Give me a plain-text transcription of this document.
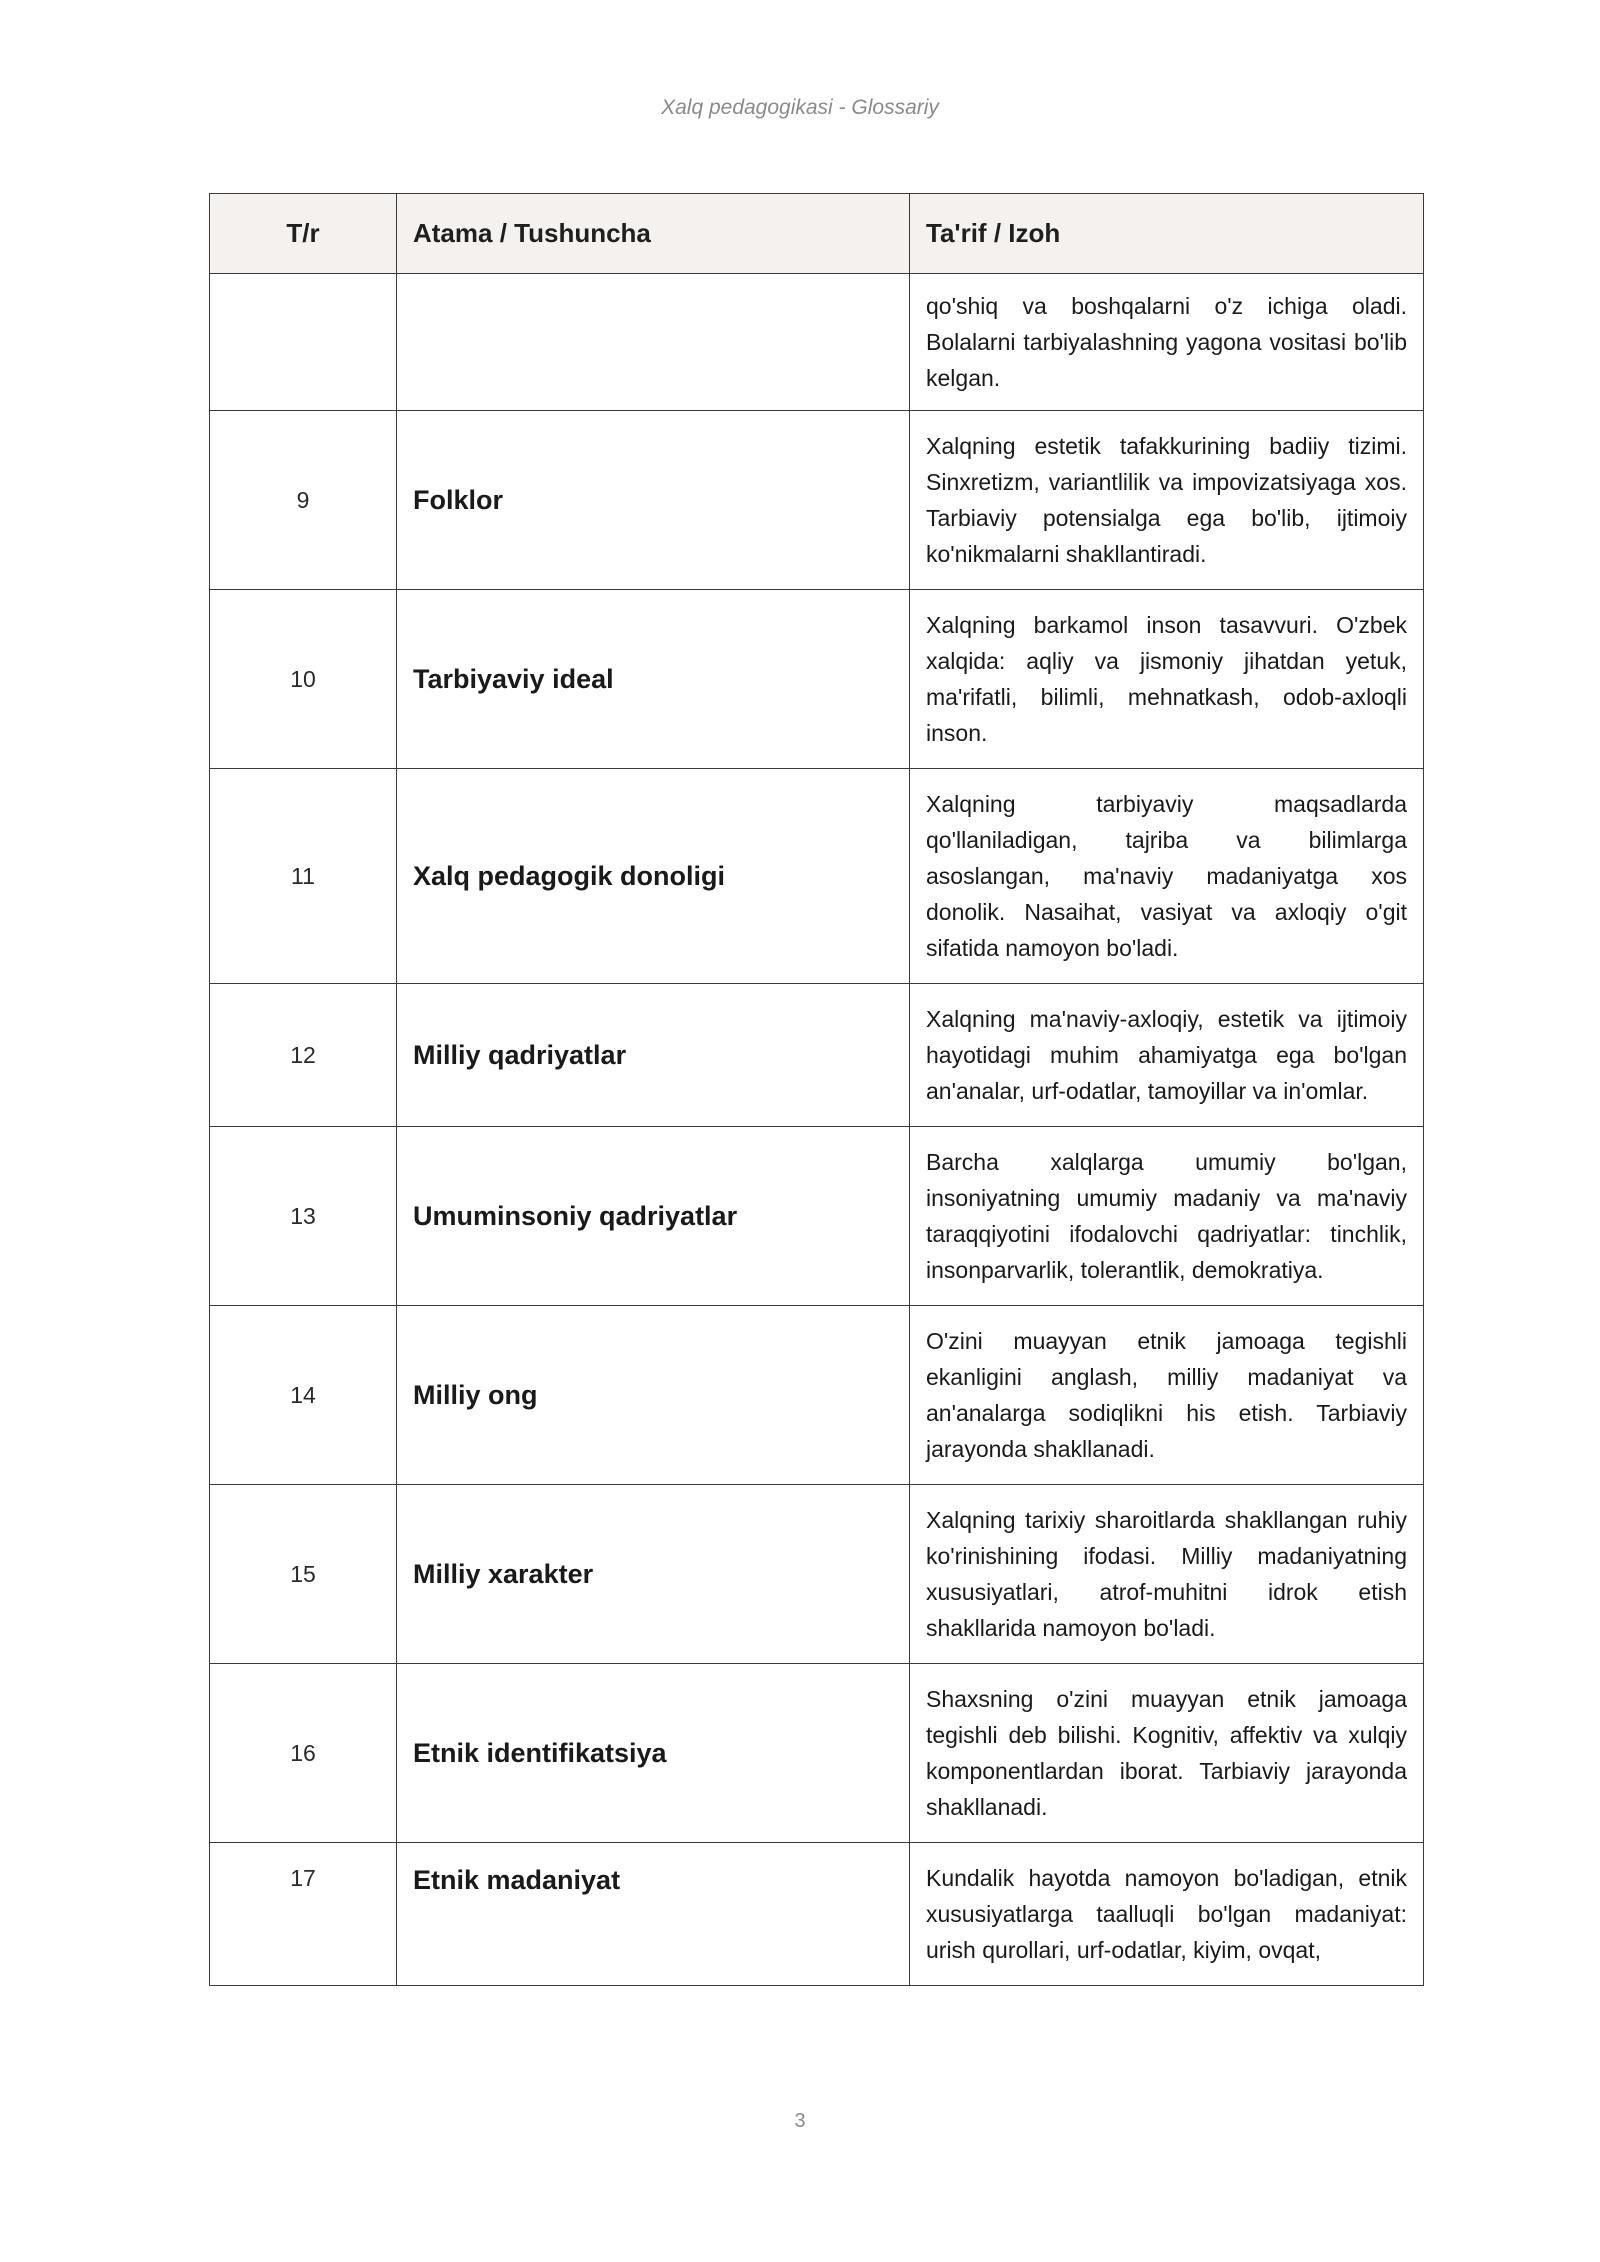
Xalq pedagogikasi - Glossariy
T/r	Atama / Tushuncha	Ta'rif / Izoh
		qo'shiq va boshqalarni o'z ichiga oladi. Bolalarni tarbiyalashning yagona vositasi bo'lib kelgan.
9	Folklor	Xalqning estetik tafakkurining badiiy tizimi. Sinxretizm, variantlilik va impovizatsiyaga xos. Tarbiaviy potensialga ega bo'lib, ijtimoiy ko'nikmalarni shakllantiradi.
10	Tarbiyaviy ideal	Xalqning barkamol inson tasavvuri. O'zbek xalqida: aqliy va jismoniy jihatdan yetuk, ma'rifatli, bilimli, mehnatkash, odob-axloqli inson.
11	Xalq pedagogik donoligi	Xalqning tarbiyaviy maqsadlarda qo'llaniladigan, tajriba va bilimlarga asoslangan, ma'naviy madaniyatga xos donolik. Nasaihat, vasiyat va axloqiy o'git sifatida namoyon bo'ladi.
12	Milliy qadriyatlar	Xalqning ma'naviy-axloqiy, estetik va ijtimoiy hayotidagi muhim ahamiyatga ega bo'lgan an'analar, urf-odatlar, tamoyillar va in'omlar.
13	Umuminsoniy qadriyatlar	Barcha xalqlarga umumiy bo'lgan, insoniyatning umumiy madaniy va ma'naviy taraqqiyotini ifodalovchi qadriyatlar: tinchlik, insonparvarlik, tolerantlik, demokratiya.
14	Milliy ong	O'zini muayyan etnik jamoaga tegishli ekanligini anglash, milliy madaniyat va an'analarga sodiqlikni his etish. Tarbiaviy jarayonda shakllanadi.
15	Milliy xarakter	Xalqning tarixiy sharoitlarda shakllangan ruhiy ko'rinishining ifodasi. Milliy madaniyatning xususiyatlari, atrof-muhitni idrok etish shakllarida namoyon bo'ladi.
16	Etnik identifikatsiya	Shaxsning o'zini muayyan etnik jamoaga tegishli deb bilishi. Kognitiv, affektiv va xulqiy komponentlardan iborat. Tarbiaviy jarayonda shakllanadi.
17	Etnik madaniyat	Kundalik hayotda namoyon bo'ladigan, etnik xususiyatlarga taalluqli bo'lgan madaniyat: urish qurollari, urf-odatlar, kiyim, ovqat,
3
